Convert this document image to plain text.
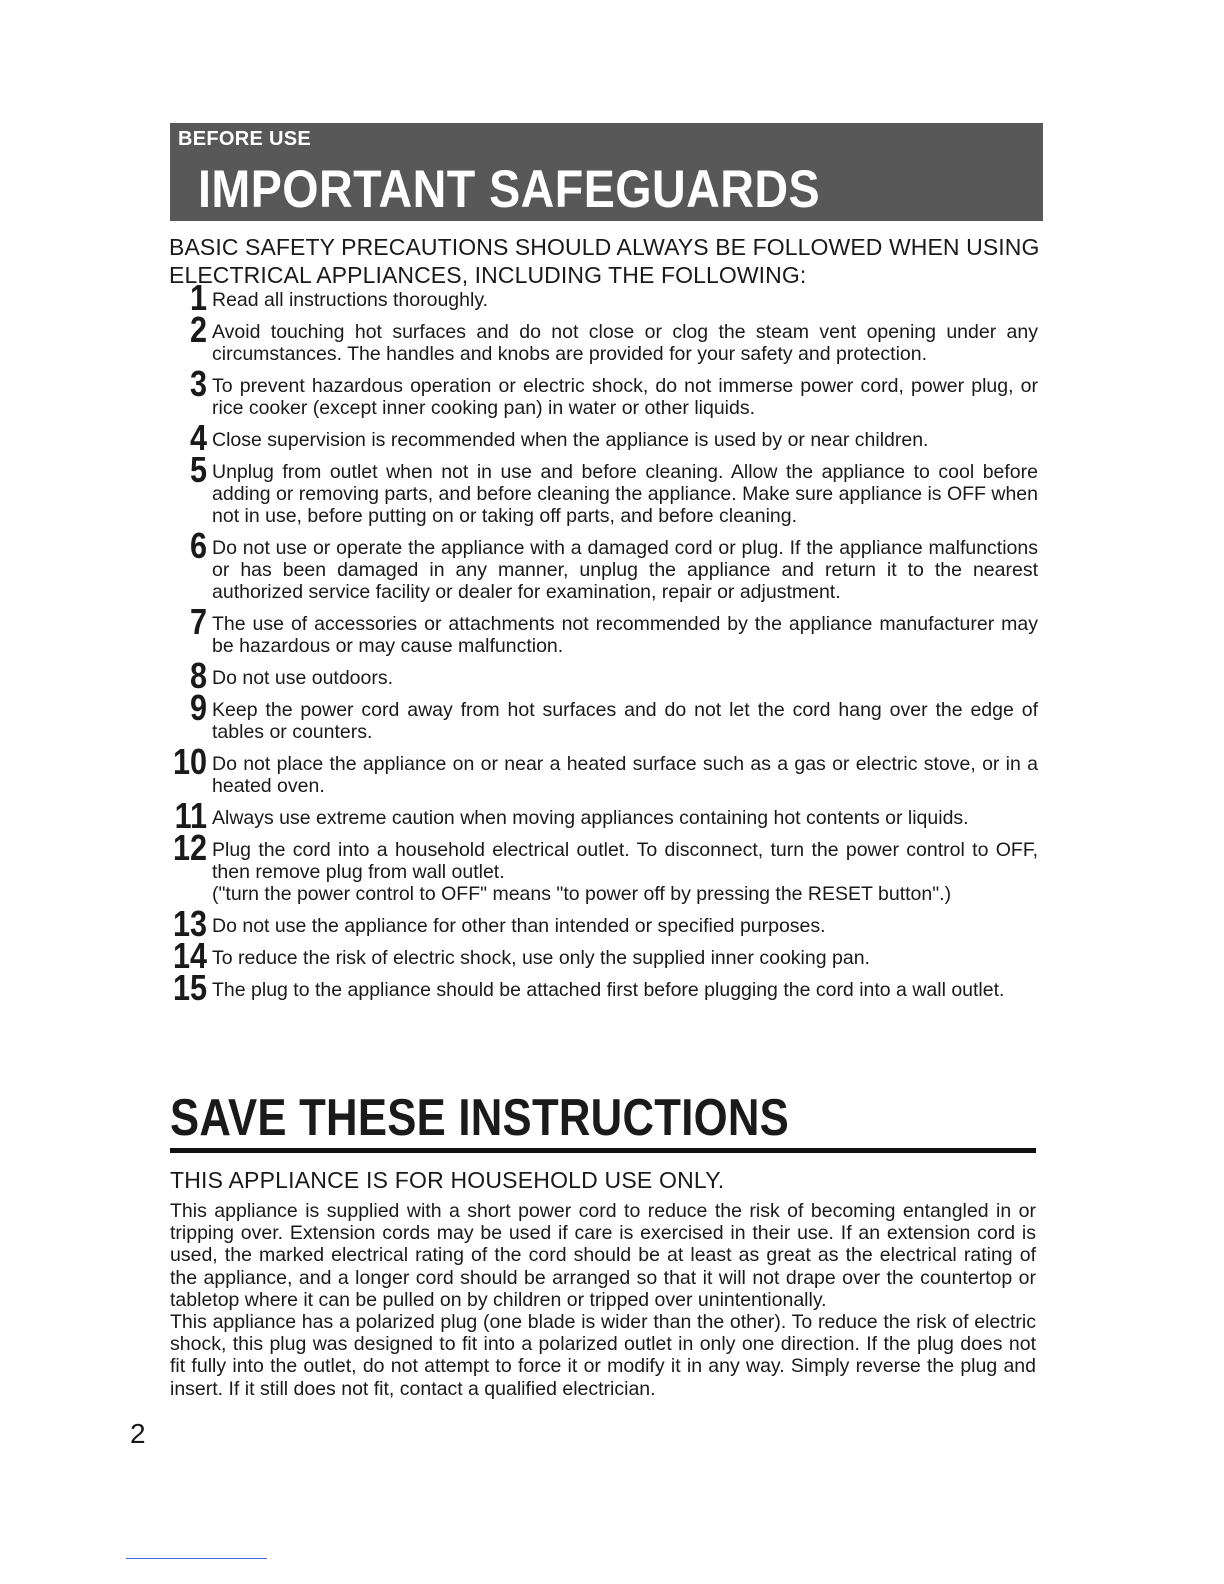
BEFORE USE
IMPORTANT SAFEGUARDS
BASIC SAFETY PRECAUTIONS SHOULD ALWAYS BE FOLLOWED WHEN USING ELECTRICAL APPLIANCES, INCLUDING THE FOLLOWING:
1 Read all instructions thoroughly.
2 Avoid touching hot surfaces and do not close or clog the steam vent opening under any circumstances. The handles and knobs are provided for your safety and protection.
3 To prevent hazardous operation or electric shock, do not immerse power cord, power plug, or rice cooker (except inner cooking pan) in water or other liquids.
4 Close supervision is recommended when the appliance is used by or near children.
5 Unplug from outlet when not in use and before cleaning. Allow the appliance to cool before adding or removing parts, and before cleaning the appliance. Make sure appliance is OFF when not in use, before putting on or taking off parts, and before cleaning.
6 Do not use or operate the appliance with a damaged cord or plug. If the appliance malfunctions or has been damaged in any manner, unplug the appliance and return it to the nearest authorized service facility or dealer for examination, repair or adjustment.
7 The use of accessories or attachments not recommended by the appliance manufacturer may be hazardous or may cause malfunction.
8 Do not use outdoors.
9 Keep the power cord away from hot surfaces and do not let the cord hang over the edge of tables or counters.
10 Do not place the appliance on or near a heated surface such as a gas or electric stove, or in a heated oven.
11 Always use extreme caution when moving appliances containing hot contents or liquids.
12 Plug the cord into a household electrical outlet. To disconnect, turn the power control to OFF, then remove plug from wall outlet.
("turn the power control to OFF" means "to power off by pressing the RESET button".)
13 Do not use the appliance for other than intended or specified purposes.
14 To reduce the risk of electric shock, use only the supplied inner cooking pan.
15 The plug to the appliance should be attached first before plugging the cord into a wall outlet.
SAVE THESE INSTRUCTIONS
THIS APPLIANCE IS FOR HOUSEHOLD USE ONLY.

This appliance is supplied with a short power cord to reduce the risk of becoming entangled in or tripping over. Extension cords may be used if care is exercised in their use. If an extension cord is used, the marked electrical rating of the cord should be at least as great as the electrical rating of the appliance, and a longer cord should be arranged so that it will not drape over the countertop or tabletop where it can be pulled on by children or tripped over unintentionally.

This appliance has a polarized plug (one blade is wider than the other). To reduce the risk of electric shock, this plug was designed to fit into a polarized outlet in only one direction. If the plug does not fit fully into the outlet, do not attempt to force it or modify it in any way. Simply reverse the plug and insert. If it still does not fit, contact a qualified electrician.

2
